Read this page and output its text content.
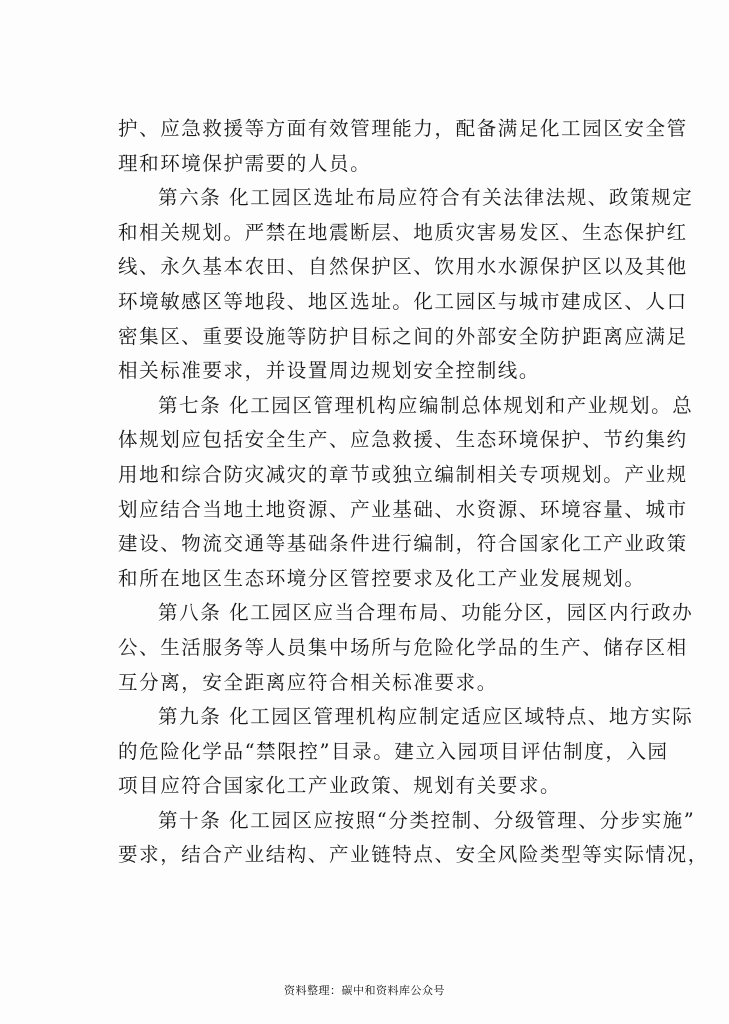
护、应急救援等方面有效管理能力，配备满足化工园区安全管
理和环境保护需要的人员。
第六条 化工园区选址布局应符合有关法律法规、政策规定
和相关规划。严禁在地震断层、地质灾害易发区、生态保护红
线、永久基本农田、自然保护区、饮用水水源保护区以及其他
环境敏感区等地段、地区选址。化工园区与城市建成区、人口
密集区、重要设施等防护目标之间的外部安全防护距离应满足
相关标准要求，并设置周边规划安全控制线。
第七条 化工园区管理机构应编制总体规划和产业规划。总
体规划应包括安全生产、应急救援、生态环境保护、节约集约
用地和综合防灾减灾的章节或独立编制相关专项规划。产业规
划应结合当地土地资源、产业基础、水资源、环境容量、城市
建设、物流交通等基础条件进行编制，符合国家化工产业政策
和所在地区生态环境分区管控要求及化工产业发展规划。
第八条 化工园区应当合理布局、功能分区，园区内行政办
公、生活服务等人员集中场所与危险化学品的生产、储存区相
互分离，安全距离应符合相关标准要求。
第九条 化工园区管理机构应制定适应区域特点、地方实际
的危险化学品“禁限控”目录。建立入园项目评估制度，入园
项目应符合国家化工产业政策、规划有关要求。
第十条 化工园区应按照“分类控制、分级管理、分步实施”
要求，结合产业结构、产业链特点、安全风险类型等实际情况，
资料整理：碳中和资料库公众号
